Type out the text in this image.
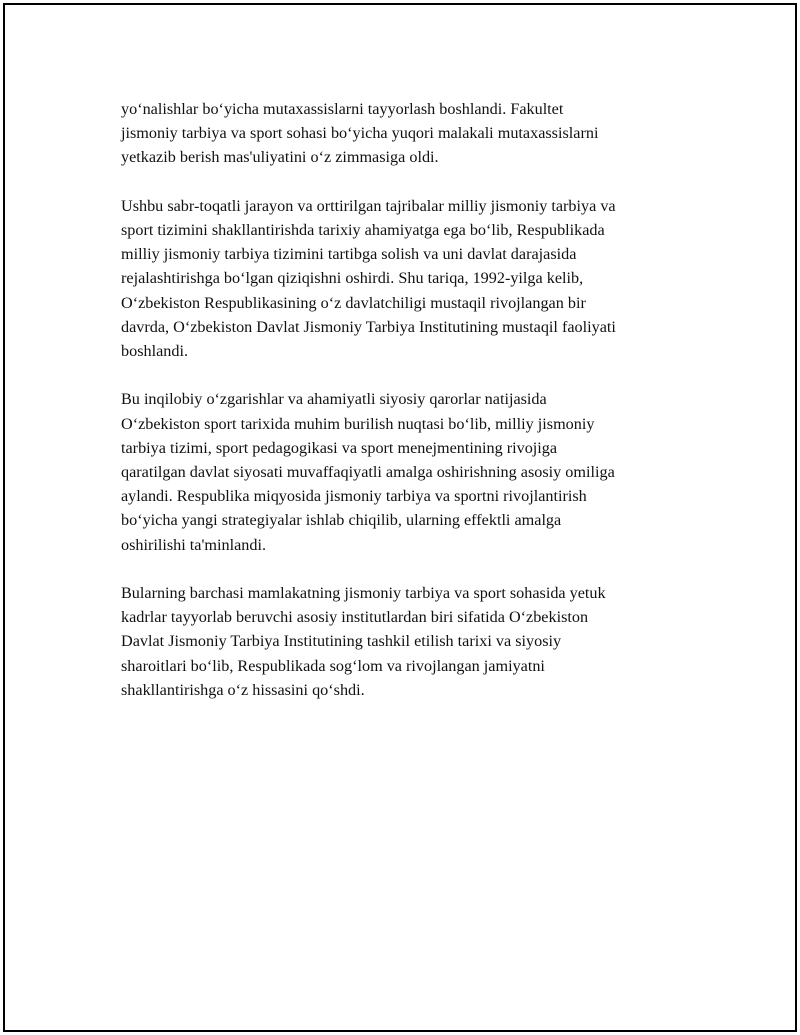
yo‘nalishlar bo‘yicha mutaxassislarni tayyorlash boshlandi. Fakultet
jismoniy tarbiya va sport sohasi bo‘yicha yuqori malakali mutaxassislarni
yetkazib berish mas'uliyatini o‘z zimmasiga oldi.

Ushbu sabr-toqatli jarayon va orttirilgan tajribalar milliy jismoniy tarbiya va
sport tizimini shakllantirishda tarixiy ahamiyatga ega bo‘lib, Respublikada
milliy jismoniy tarbiya tizimini tartibga solish va uni davlat darajasida
rejalashtirishga bo‘lgan qiziqishni oshirdi. Shu tariqa, 1992-yilga kelib,
O‘zbekiston Respublikasining o‘z davlatchiligi mustaqil rivojlangan bir
davrda, O‘zbekiston Davlat Jismoniy Tarbiya Institutining mustaqil faoliyati
boshlandi.

Bu inqilobiy o‘zgarishlar va ahamiyatli siyosiy qarorlar natijasida
O‘zbekiston sport tarixida muhim burilish nuqtasi bo‘lib, milliy jismoniy
tarbiya tizimi, sport pedagogikasi va sport menejmentining rivojiga
qaratilgan davlat siyosati muvaffaqiyatli amalga oshirishning asosiy omiliga
aylandi. Respublika miqyosida jismoniy tarbiya va sportni rivojlantirish
bo‘yicha yangi strategiyalar ishlab chiqilib, ularning effektli amalga
oshirilishi ta'minlandi.

Bularning barchasi mamlakatning jismoniy tarbiya va sport sohasida yetuk
kadrlar tayyorlab beruvchi asosiy institutlardan biri sifatida O‘zbekiston
Davlat Jismoniy Tarbiya Institutining tashkil etilish tarixi va siyosiy
sharoitlari bo‘lib, Respublikada sog‘lom va rivojlangan jamiyatni
shakllantirishga o‘z hissasini qo‘shdi.
